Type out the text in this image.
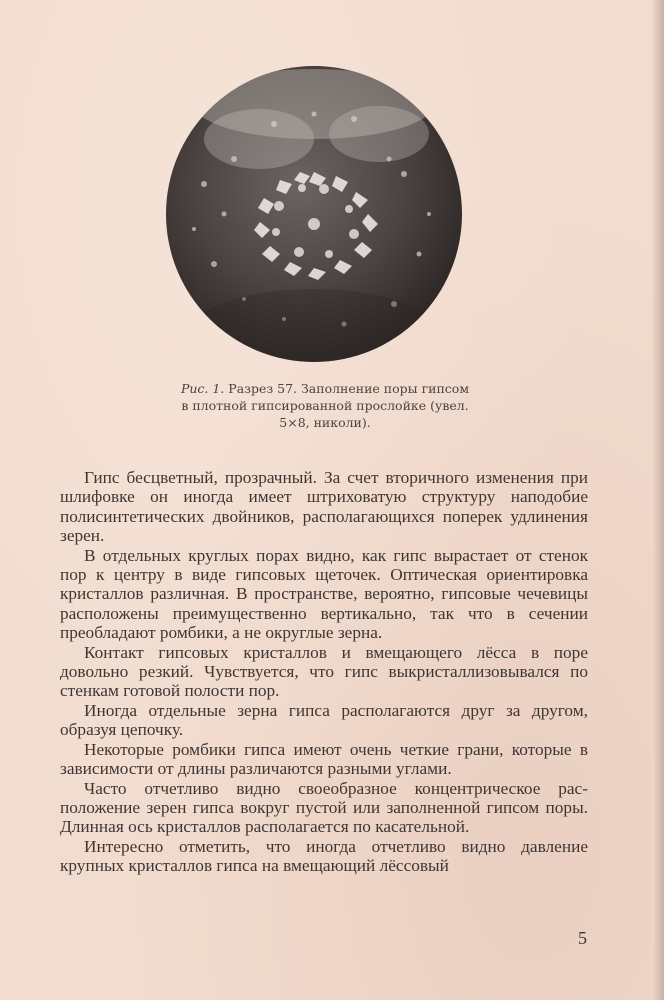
Рис. 1. Разрез 57. Заполнение поры гипсом
в плотной гипсированной прослойке (увел.
5×8, николи).

Гипс бесцветный, прозрачный. За счет вторичного изменения при шлифовке он иногда имеет штриховатую структуру наподобие полисинтетических двойников, располагающихся поперек удлинения зерен.

В отдельных круглых порах видно, как гипс вырастает от стенок пор к центру в виде гипсовых щеточек. Оптическая ориентировка кристаллов различная. В пространстве, вероятно, гипсовые чечевицы расположены преимущественно вертикально, так что в сечении преобладают ромбики, а не округлые зерна.

Контакт гипсовых кристаллов и вмещающего лёсса в поре довольно резкий. Чувствуется, что гипс выкристаллизовывался по стенкам готовой полости пор.

Иногда отдельные зерна гипса располагаются друг за другом, образуя цепочку.

Некоторые ромбики гипса имеют очень четкие грани, которые в зависимости от длины различаются разными углами.

Часто отчетливо видно своеобразное концентрическое расположение зерен гипса вокруг пустой или заполненной гипсом поры. Длинная ось кристаллов располагается по касательной.

Интересно отметить, что иногда отчетливо видно давление крупных кристаллов гипса на вмещающий лёссовый

5
